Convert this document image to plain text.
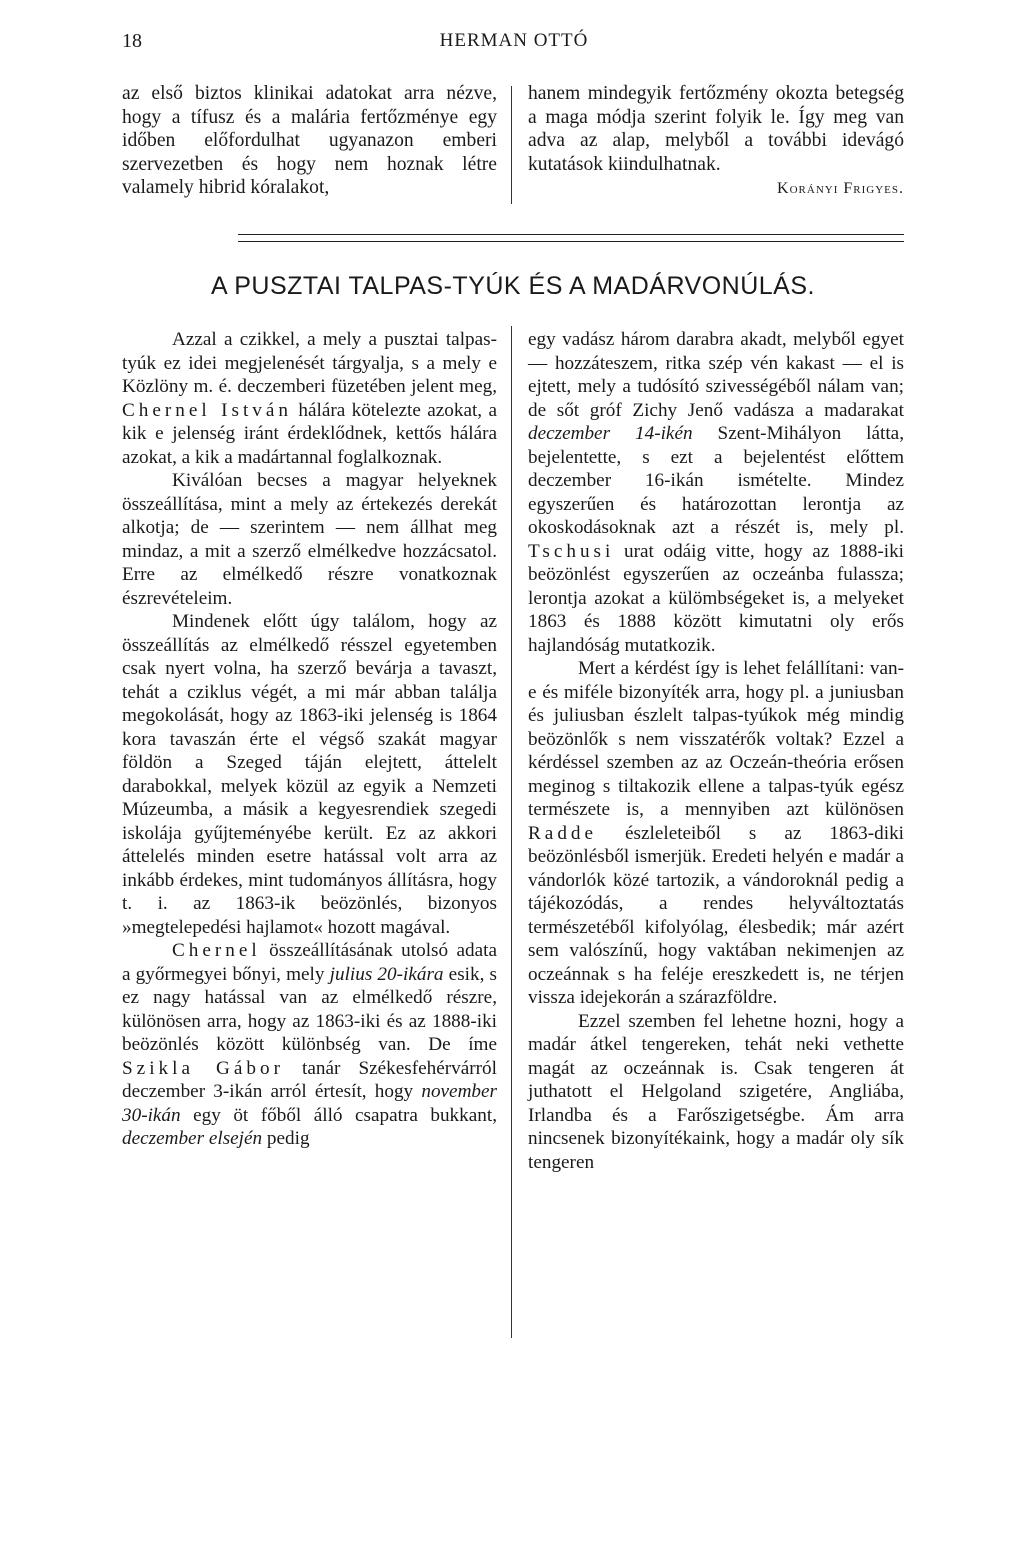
18	HERMAN OTTÓ

az első biztos klinikai adatokat arra nézve, hogy a tífusz és a malária fertőzménye egy időben előfordulhat ugyanazon emberi szervezetben és hogy nem hoznak létre valamely hibrid kóralakot,

hanem mindegyik fertőzmény okozta betegség a maga módja szerint folyik le. Így meg van adva az alap, melyből a további idevágó kutatások kiindulhatnak.

Korányi Frigyes.

A PUSZTAI TALPAS-TYÚK ÉS A MADÁRVONÚLÁS.

Azzal a czikkel, a mely a pusztai talpas-tyúk ez idei megjelenését tárgyalja, s a mely e Közlöny m. é. deczemberi füzetében jelent meg, Chernel István hálára kötelezte azokat, a kik e jelenség iránt érdeklődnek, kettős hálára azokat, a kik a madártannal foglalkoznak.

Kiválóan becses a magyar helyeknek összeállítása, mint a mely az értekezés derekát alkotja; de — szerintem — nem állhat meg mindaz, a mit a szerző elmélkedve hozzácsatol. Erre az elmélkedő részre vonatkoznak észrevételeim.

Mindenek előtt úgy találom, hogy az összeállítás az elmélkedő résszel egyetemben csak nyert volna, ha szerző bevárja a tavaszt, tehát a cziklus végét, a mi már abban találja megokolását, hogy az 1863-iki jelenség is 1864 kora tavaszán érte el végső szakát magyar földön a Szeged táján elejtett, áttelelt darabokkal, melyek közül az egyik a Nemzeti Múzeumba, a másik a kegyesrendiek szegedi iskolája gyűjteményébe került. Ez az akkori áttelelés minden esetre hatással volt arra az inkább érdekes, mint tudományos állításra, hogy t. i. az 1863-ik beözönlés, bizonyos »megtelepedési hajlamot« hozott magával.

Chernel összeállításának utolsó adata a győrmegyei bőnyi, mely julius 20-ikára esik, s ez nagy hatással van az elmélkedő részre, különösen arra, hogy az 1863-iki és az 1888-iki beözönlés között különbség van. De íme Szikla Gábor tanár Székesfehérvárról deczember 3-ikán arról értesít, hogy november 30-ikán egy öt főből álló csapatra bukkant, deczember elsején pedig

egy vadász három darabra akadt, melyből egyet — hozzáteszem, ritka szép vén kakast — el is ejtett, mely a tudósító szivességéből nálam van; de sőt gróf Zichy Jenő vadásza a madarakat deczember 14-ikén Szent-Mihályon látta, bejelentette, s ezt a bejelentést előttem deczember 16-ikán ismételte. Mindez egyszerűen és határozottan lerontja az okoskodásoknak azt a részét is, mely pl. Tschusi urat odáig vitte, hogy az 1888-iki beözönlést egyszerűen az oczeánba fulassza; lerontja azokat a külömbségeket is, a melyeket 1863 és 1888 között kimutatni oly erős hajlandóság mutatkozik.

Mert a kérdést így is lehet felállítani: van-e és miféle bizonyíték arra, hogy pl. a juniusban és juliusban észlelt talpas-tyúkok még mindig beözönlők s nem visszatérők voltak? Ezzel a kérdéssel szemben az az Oczeán-theória erősen meginog s tiltakozik ellene a talpas-tyúk egész természete is, a mennyiben azt különösen Radde észleleteiből s az 1863-diki beözönlésből ismerjük. Eredeti helyén e madár a vándorlók közé tartozik, a vándoroknál pedig a tájékozódás, a rendes helyváltoztatás természetéből kifolyólag, élesbedik; már azért sem valószínű, hogy vaktában nekimenjen az oczeánnak s ha feléje ereszkedett is, ne térjen vissza idejekorán a szárazföldre.

Ezzel szemben fel lehetne hozni, hogy a madár átkel tengereken, tehát neki vethette magát az oczeánnak is. Csak tengeren át juthatott el Helgoland szigetére, Angliába, Irlandba és a Farőszigetségbe. Ám arra nincsenek bizonyítékaink, hogy a madár oly sík tengeren
